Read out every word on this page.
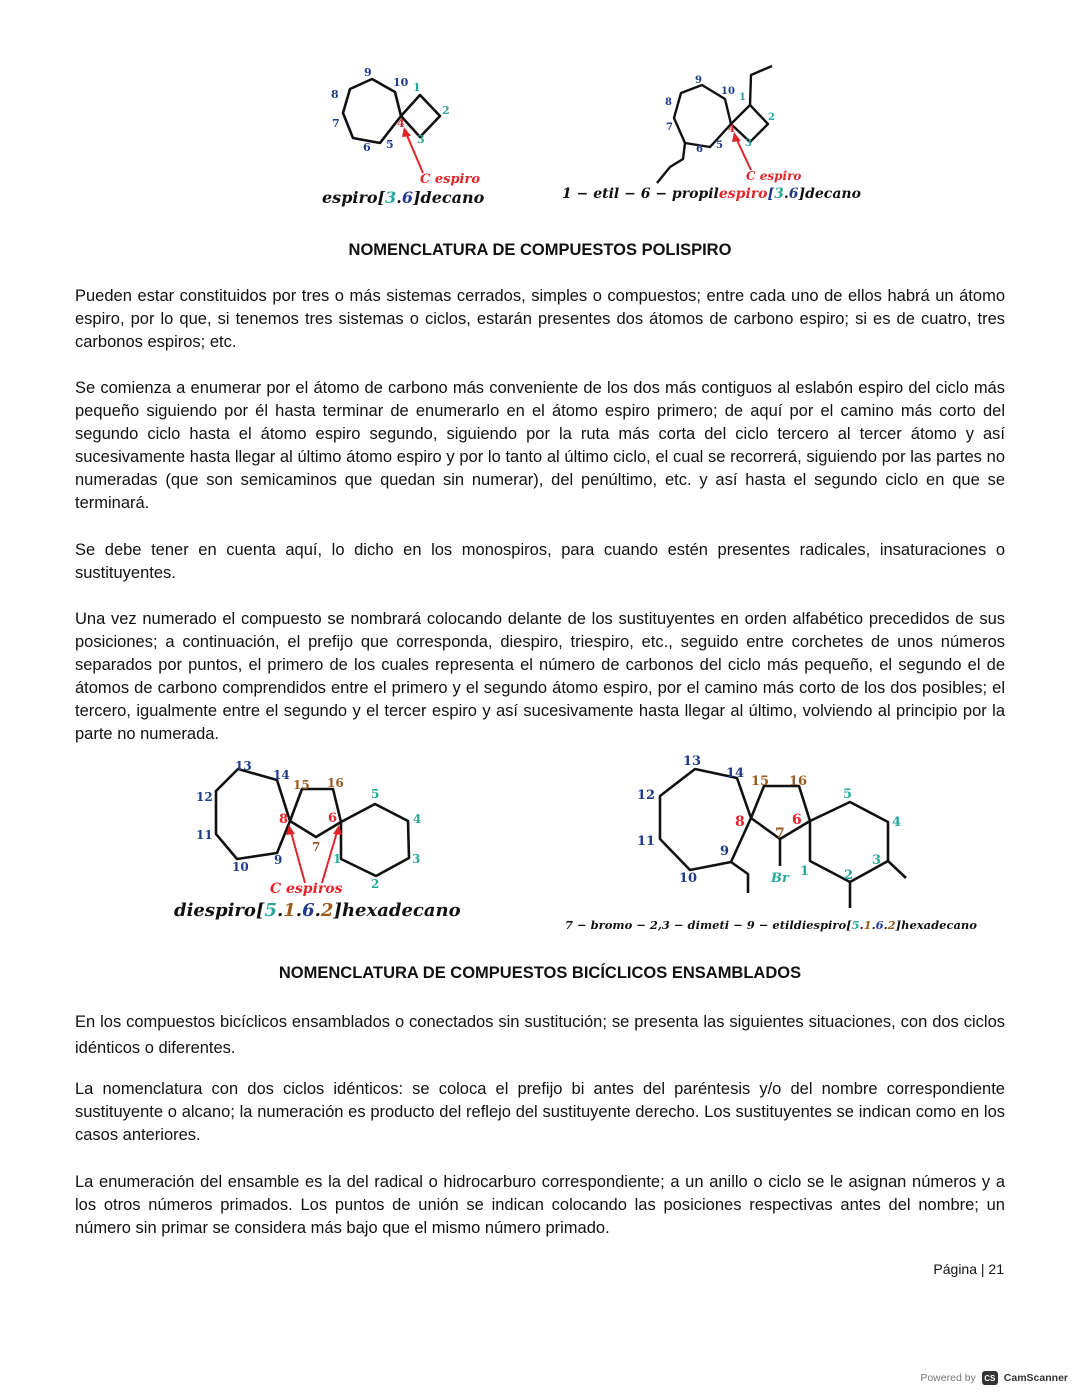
1
2
3
4
5
6
7
8
9
10
C espiro
espiro[3.6]decano
1
2
3
4
5
6
7
8
9
10
C espiro
1 − etil − 6 − propilespiro[3.6]decano
NOMENCLATURA DE COMPUESTOS POLISPIRO

Pueden estar constituidos por tres o más sistemas cerrados, simples o compuestos; entre cada uno de ellos habrá un átomo espiro, por lo que, si tenemos tres sistemas o ciclos, estarán presentes dos átomos de carbono espiro; si es de cuatro, tres carbonos espiros; etc.

Se comienza a enumerar por el átomo de carbono más conveniente de los dos más contiguos al eslabón espiro del ciclo más pequeño siguiendo por él hasta terminar de enumerarlo en el átomo espiro primero; de aquí por el camino más corto del segundo ciclo hasta el átomo espiro segundo, siguiendo por la ruta más corta del ciclo tercero al tercer átomo y así sucesivamente hasta llegar al último átomo espiro y por lo tanto al último ciclo, el cual se recorrerá, siguiendo por las partes no numeradas (que son semicaminos que quedan sin numerar), del penúltimo, etc. y así hasta el segundo ciclo en que se terminará.

Se debe tener en cuenta aquí, lo dicho en los monospiros, para cuando estén presentes radicales, insaturaciones o sustituyentes.

Una vez numerado el compuesto se nombrará colocando delante de los sustituyentes en orden alfabético precedidos de sus posiciones; a continuación, el prefijo que corresponda, diespiro, triespiro, etc., seguido entre corchetes de unos números separados por puntos, el primero de los cuales representa el número de carbonos del ciclo más pequeño, el segundo el de átomos de carbono comprendidos entre el primero y el segundo átomo espiro, por el camino más corto de los dos posibles; el tercero, igualmente entre el segundo y el tercer espiro y así sucesivamente hasta llegar al último, volviendo al principio por la parte no numerada.

1
2
3
4
5
6
7
8
9
10
11
12
13
14
15 16
C espiros
diespiro[5.1.6.2]hexadecano
1	2
3
4
5
6
7
8
9
10
11
12
13
14
15 16
Br
7 − bromo − 2,3 − dimeti − 9 − etildiespiro[5.1.6.2]hexadecano
NOMENCLATURA DE COMPUESTOS BICÍCLICOS ENSAMBLADOS

En los compuestos bicíclicos ensamblados o conectados sin sustitución; se presenta las siguientes situaciones, con dos ciclos idénticos o diferentes.

La nomenclatura con dos ciclos idénticos: se coloca el prefijo bi antes del paréntesis y/o del nombre correspondiente sustituyente o alcano; la numeración es producto del reflejo del sustituyente derecho. Los sustituyentes se indican como en los casos anteriores.

La enumeración del ensamble es la del radical o hidrocarburo correspondiente; a un anillo o ciclo se le asignan números y a los otros números primados. Los puntos de unión se indican colocando las posiciones respectivas antes del nombre; un número sin primar se considera más bajo que el mismo número primado.

Página | 21
Powered by	CS CamScanner
